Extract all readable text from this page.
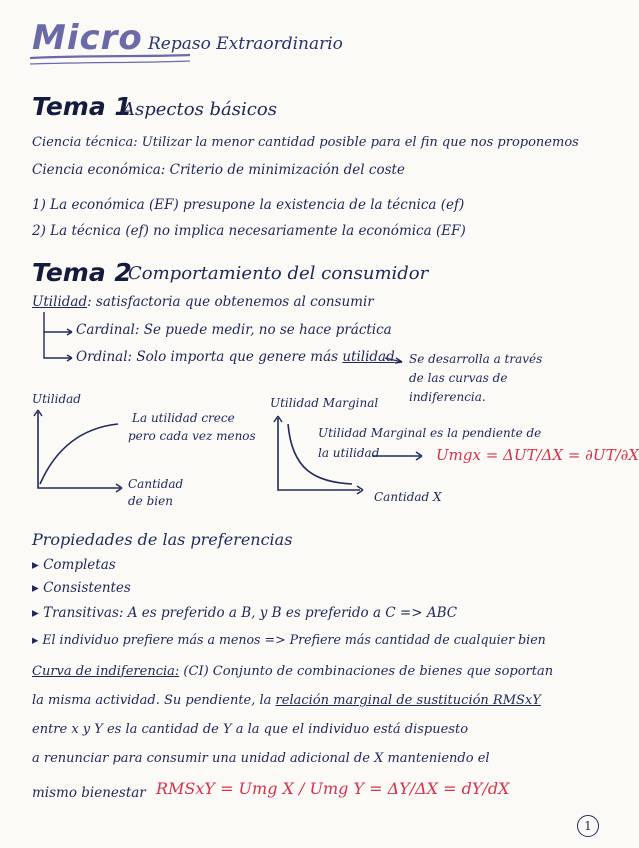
Micro Repaso Extraordinario
Tema 1
Aspectos básicos
Ciencia técnica: Utilizar la menor cantidad posible para el fin que nos proponemos
Ciencia económica: Criterio de minimización del coste
1) La económica (EF) presupone la existencia de la técnica (ef)
2) La técnica (ef) no implica necesariamente la económica (EF)
Tema 2
Comportamiento del consumidor
Utilidad: satisfactoria que obtenemos al consumir
Cardinal: Se puede medir, no se hace práctica
Ordinal: Solo importa que genere más utilidad Se desarrolla a través
de las curvas de
indiferencia.
Utilidad
La utilidad crece
pero cada vez menos
Cantidad
de bien
Utilidad Marginal
Utilidad Marginal es la pendiente de
la utilidad
Cantidad X
Umgx = ΔUT/ΔX = ∂UT/∂X
Propiedades de las preferencias
▸ Completas
▸ Consistentes
▸ Transitivas: A es preferido a B, y B es preferido a C => ABC
▸ El individuo prefiere más a menos => Prefiere más cantidad de cualquier bien
Curva de indiferencia: (CI) Conjunto de combinaciones de bienes que soportan
la misma actividad. Su pendiente, la relación marginal de sustitución RMSxY
entre x y Y es la cantidad de Y a la que el individuo está dispuesto
a renunciar para consumir una unidad adicional de X manteniendo el
mismo bienestar RMSxY = Umg X / Umg Y = ΔY/ΔX = dY/dX
1
